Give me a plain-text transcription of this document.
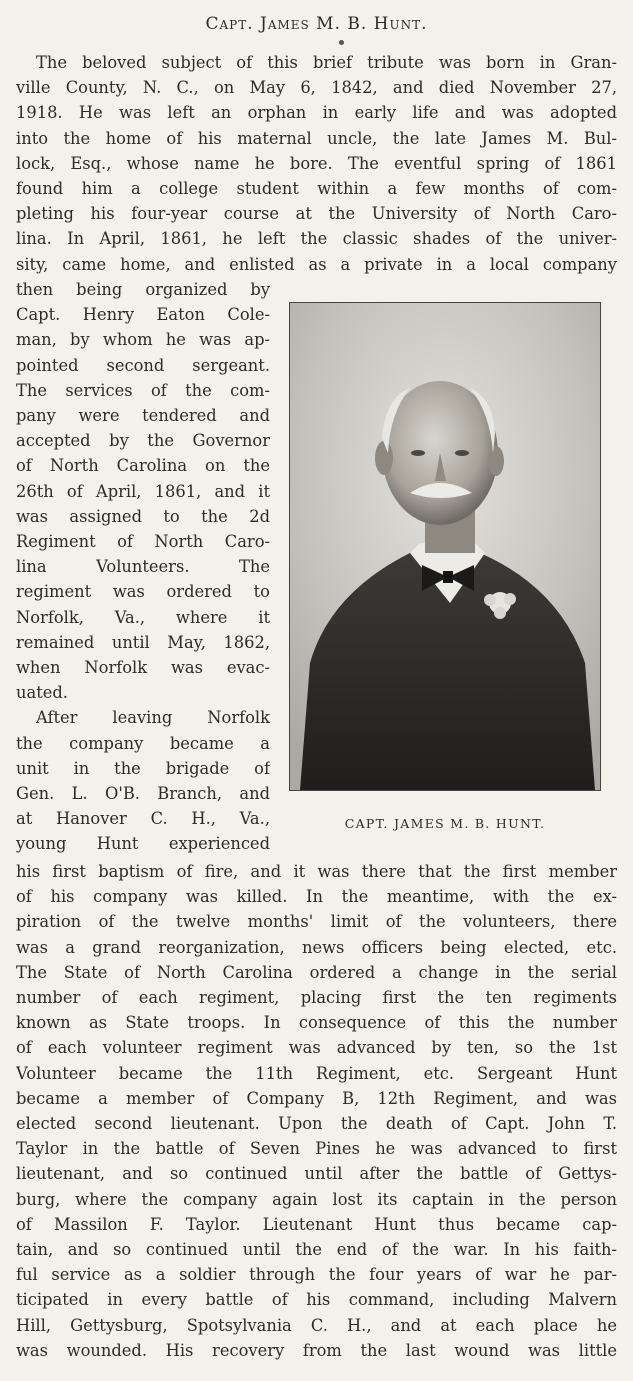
Capt. James M. B. Hunt.
The beloved subject of this brief tribute was born in Gran-
ville County, N. C., on May 6, 1842, and died November 27,
1918. He was left an orphan in early life and was adopted
into the home of his maternal uncle, the late James M. Bul-
lock, Esq., whose name he bore. The eventful spring of 1861
found him a college student within a few months of com-
pleting his four-year course at the University of North Caro-
lina. In April, 1861, he left the classic shades of the univer-
sity, came home, and enlisted as a private in a local company
then being organized by
Capt. Henry Eaton Cole-
man, by whom he was ap-
pointed second sergeant.
The services of the com-
pany were tendered and
accepted by the Governor
of North Carolina on the
26th of April, 1861, and it
was assigned to the 2d
Regiment of North Caro-
lina Volunteers. The
regiment was ordered to
Norfolk, Va., where it
remained until May, 1862,
when Norfolk was evac-
uated.
After leaving Norfolk
the company became a
unit in the brigade of
Gen. L. O'B. Branch, and
at Hanover C. H., Va.,
young Hunt experienced
CAPT. JAMES M. B. HUNT.
his first baptism of fire, and it was there that the first member
of his company was killed. In the meantime, with the ex-
piration of the twelve months' limit of the volunteers, there
was a grand reorganization, news officers being elected, etc.
The State of North Carolina ordered a change in the serial
number of each regiment, placing first the ten regiments
known as State troops. In consequence of this the number
of each volunteer regiment was advanced by ten, so the 1st
Volunteer became the 11th Regiment, etc. Sergeant Hunt
became a member of Company B, 12th Regiment, and was
elected second lieutenant. Upon the death of Capt. John T.
Taylor in the battle of Seven Pines he was advanced to first
lieutenant, and so continued until after the battle of Gettys-
burg, where the company again lost its captain in the person
of Massilon F. Taylor. Lieutenant Hunt thus became cap-
tain, and so continued until the end of the war. In his faith-
ful service as a soldier through the four years of war he par-
ticipated in every battle of his command, including Malvern
Hill, Gettysburg, Spotsylvania C. H., and at each place he
was wounded. His recovery from the last wound was little
